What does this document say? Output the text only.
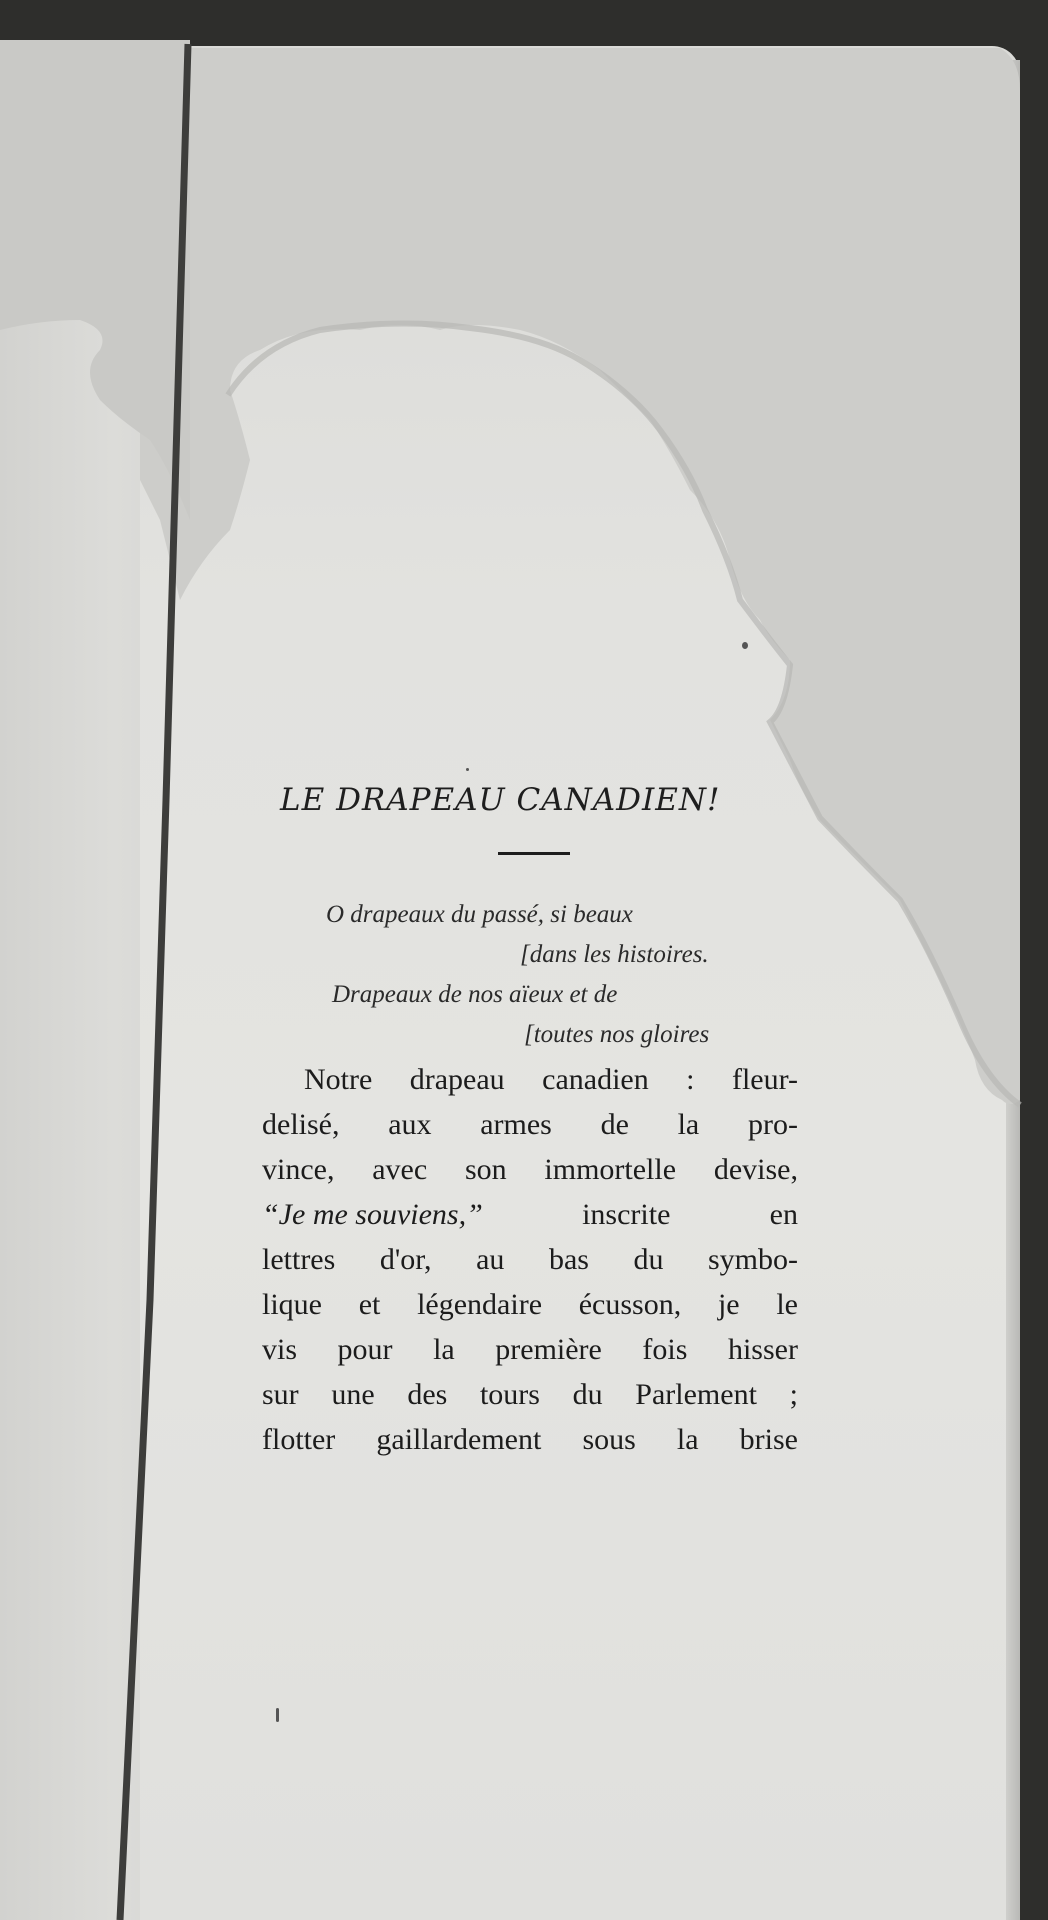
LE DRAPEAU CANADIEN!
O drapeaux du passé, si beaux
[dans les histoires.
Drapeaux de nos aïeux et de
[toutes nos gloires
Notre drapeau canadien : fleur-
delisé, aux armes de la pro-
vince, avec son immortelle devise,
“Je me souviens,”	inscrite	en
lettres d'or, au bas du symbo-
lique et légendaire écusson, je le
vis pour la première fois hisser
sur une des tours du Parlement ;
flotter gaillardement sous la brise
